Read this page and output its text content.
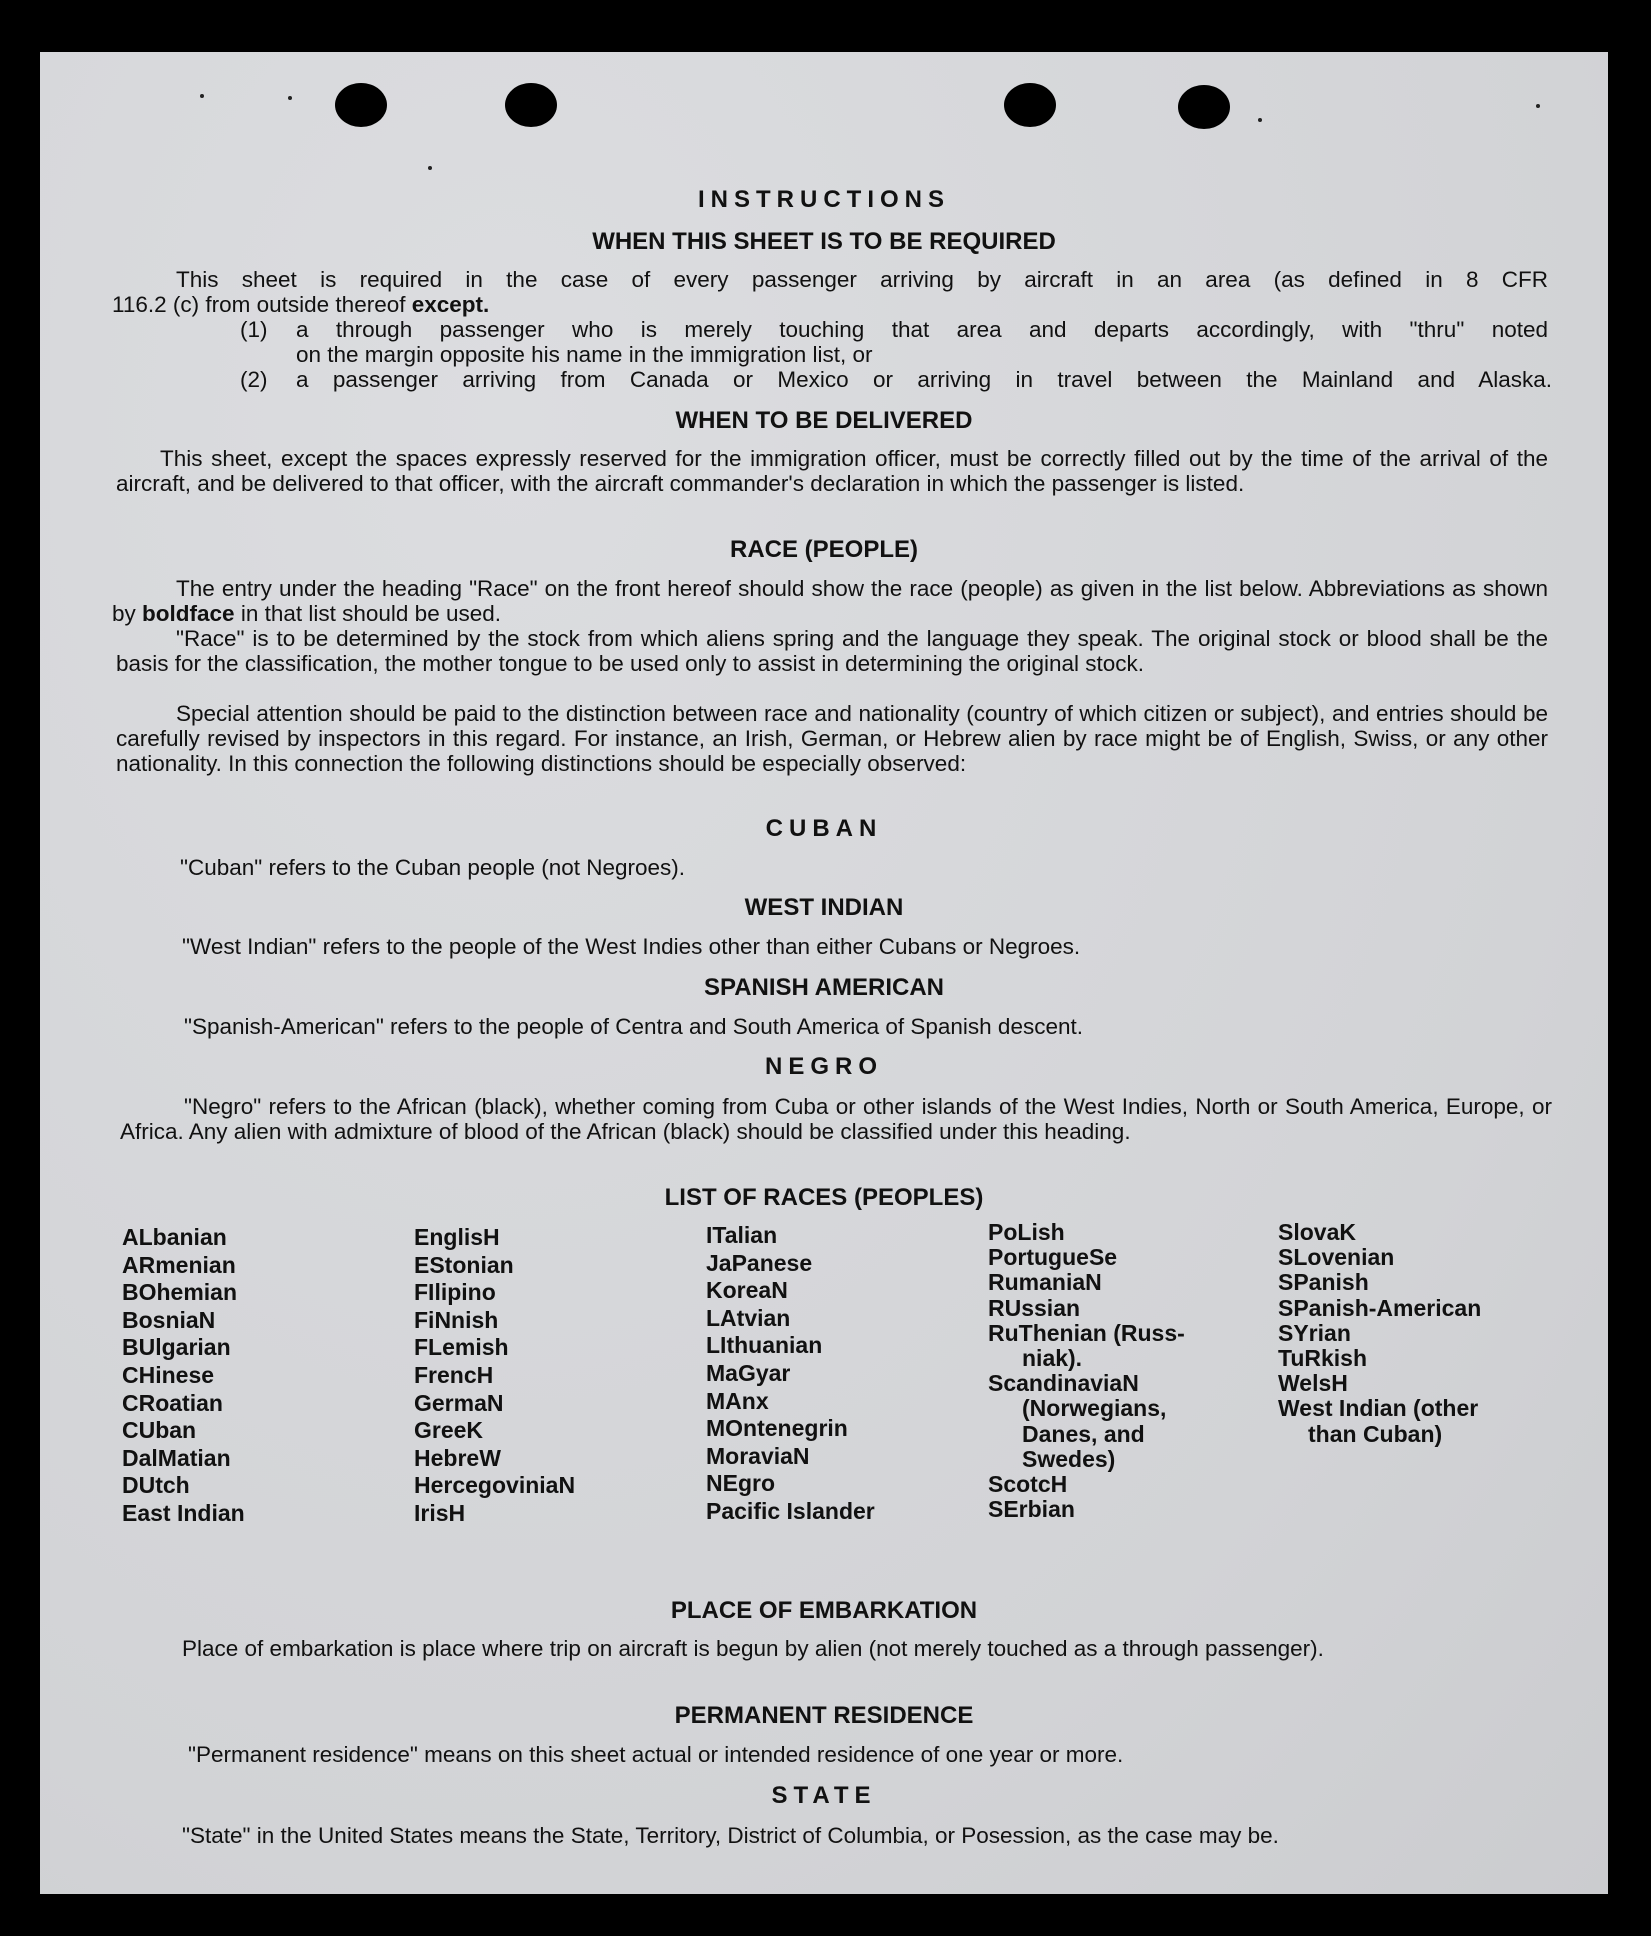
INSTRUCTIONS
WHEN THIS SHEET IS TO BE REQUIRED
This sheet is required in the case of every passenger arriving by aircraft in an area (as defined in 8 CFR
116.2 (c) from outside thereof except.
(1) a through passenger who is merely touching that area and departs accordingly, with "thru" noted
on the margin opposite his name in the immigration list, or
(2) a passenger arriving from Canada or Mexico or arriving in travel between the Mainland and Alaska.
WHEN TO BE DELIVERED
This sheet, except the spaces expressly reserved for the immigration officer, must be correctly filled out by the time of the arrival of the aircraft, and be delivered to that officer, with the aircraft commander's declaration in which the passenger is listed.
RACE (PEOPLE)
The entry under the heading "Race" on the front hereof should show the race (people) as given in the list below. Abbreviations as shown by boldface in that list should be used.
"Race" is to be determined by the stock from which aliens spring and the language they speak. The original stock or blood shall be the basis for the classification, the mother tongue to be used only to assist in determining the original stock.
Special attention should be paid to the distinction between race and nationality (country of which citizen or subject), and entries should be carefully revised by inspectors in this regard. For instance, an Irish, German, or Hebrew alien by race might be of English, Swiss, or any other nationality. In this connection the following distinctions should be especially observed:
CUBAN
"Cuban" refers to the Cuban people (not Negroes).
WEST INDIAN
"West Indian" refers to the people of the West Indies other than either Cubans or Negroes.
SPANISH AMERICAN
"Spanish-American" refers to the people of Centra and South America of Spanish descent.
NEGRO
"Negro" refers to the African (black), whether coming from Cuba or other islands of the West Indies, North or South America, Europe, or Africa. Any alien with admixture of blood of the African (black) should be classified under this heading.
LIST OF RACES (PEOPLES)
ALbanian
ARmenian
BOhemian
BosniaN
BUlgarian
CHinese
CRoatian
CUban
DalMatian
DUtch
East Indian
EnglisH
EStonian
FIlipino
FiNnish
FLemish
FrencH
GermaN
GreeK
HebreW
HercegoviniaN
IrisH
ITalian
JaPanese
KoreaN
LAtvian
LIthuanian
MaGyar
MAnx
MOntenegrin
MoraviaN
NEgro
Pacific Islander
PoLish
PortugueSe
RumaniaN
RUssian
RuThenian (Russ-
niak).
ScandinaviaN
(Norwegians,
Danes, and
Swedes)
ScotcH
SErbian
SlovaK
SLovenian
SPanish
SPanish-American
SYrian
TuRkish
WelsH
West Indian (other
than Cuban)
PLACE OF EMBARKATION
Place of embarkation is place where trip on aircraft is begun by alien (not merely touched as a through passenger).
PERMANENT RESIDENCE
"Permanent residence" means on this sheet actual or intended residence of one year or more.
STATE
"State" in the United States means the State, Territory, District of Columbia, or Posession, as the case may be.
